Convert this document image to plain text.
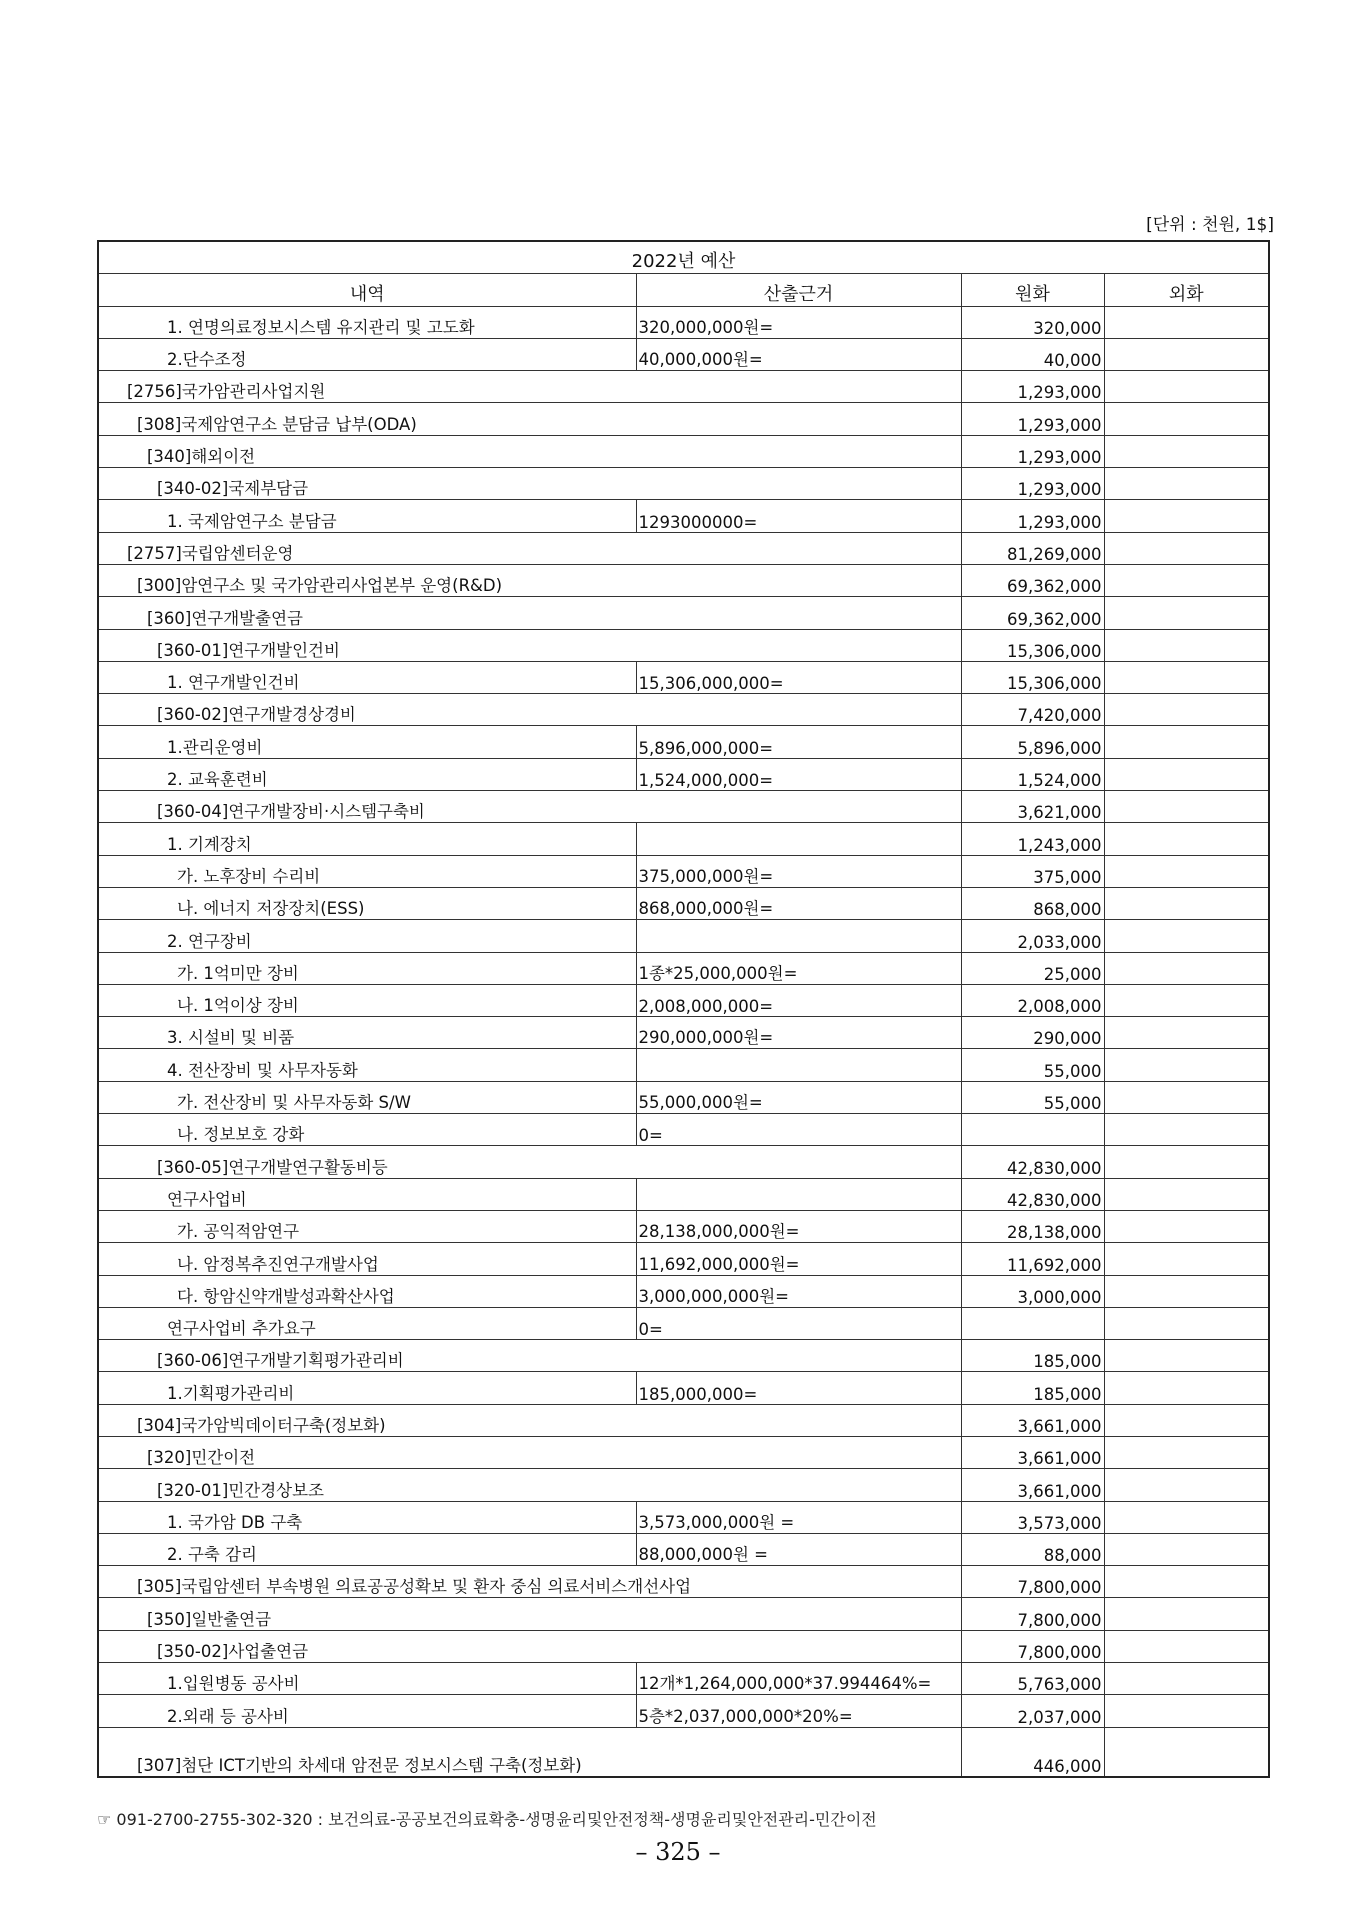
[단위 : 천원, 1$]
2022년 예산			
내역	산출근거	원화	외화
1. 연명의료정보시스템 유지관리 및 고도화	320,000,000원=	320,000	
2.단수조정	40,000,000원=	40,000	
[2756]국가암관리사업지원		1,293,000	
[308]국제암연구소 분담금 납부(ODA)		1,293,000	
[340]해외이전		1,293,000	
[340-02]국제부담금		1,293,000	
1. 국제암연구소 분담금	1293000000=	1,293,000	
[2757]국립암센터운영		81,269,000	
[300]암연구소 및 국가암관리사업본부 운영(R&D)		69,362,000	
[360]연구개발출연금		69,362,000	
[360-01]연구개발인건비		15,306,000	
1. 연구개발인건비	15,306,000,000=	15,306,000	
[360-02]연구개발경상경비		7,420,000	
1.관리운영비	5,896,000,000=	5,896,000	
2. 교육훈련비	1,524,000,000=	1,524,000	
[360-04]연구개발장비·시스템구축비		3,621,000	
1. 기계장치		1,243,000	
가. 노후장비 수리비	375,000,000원=	375,000	
나. 에너지 저장장치(ESS)	868,000,000원=	868,000	
2. 연구장비		2,033,000	
가. 1억미만 장비	1종*25,000,000원=	25,000	
나. 1억이상 장비	2,008,000,000=	2,008,000	
3. 시설비 및 비품	290,000,000원=	290,000	
4. 전산장비 및 사무자동화		55,000	
가. 전산장비 및 사무자동화 S/W	55,000,000원=	55,000	
나. 정보보호 강화	0=		
[360-05]연구개발연구활동비등		42,830,000	
연구사업비		42,830,000	
가. 공익적암연구	28,138,000,000원=	28,138,000	
나. 암정복추진연구개발사업	11,692,000,000원=	11,692,000	
다. 항암신약개발성과확산사업	3,000,000,000원=	3,000,000	
연구사업비 추가요구	0=		
[360-06]연구개발기획평가관리비		185,000	
1.기획평가관리비	185,000,000=	185,000	
[304]국가암빅데이터구축(정보화)		3,661,000	
[320]민간이전		3,661,000	
[320-01]민간경상보조		3,661,000	
1. 국가암 DB 구축	3,573,000,000원 =	3,573,000	
2. 구축 감리	88,000,000원 =	88,000	
[305]국립암센터 부속병원 의료공공성확보 및 환자 중심 의료서비스개선사업		7,800,000	
[350]일반출연금		7,800,000	
[350-02]사업출연금		7,800,000	
1.입원병동 공사비	12개*1,264,000,000*37.994464%=	5,763,000	
2.외래 등 공사비	5층*2,037,000,000*20%=	2,037,000	
[307]첨단 ICT기반의 차세대 암전문 정보시스템 구축(정보화)		446,000	
☞ 091-2700-2755-302-320 : 보건의료-공공보건의료확충-생명윤리및안전정책-생명윤리및안전관리-민간이전
– 325 –
